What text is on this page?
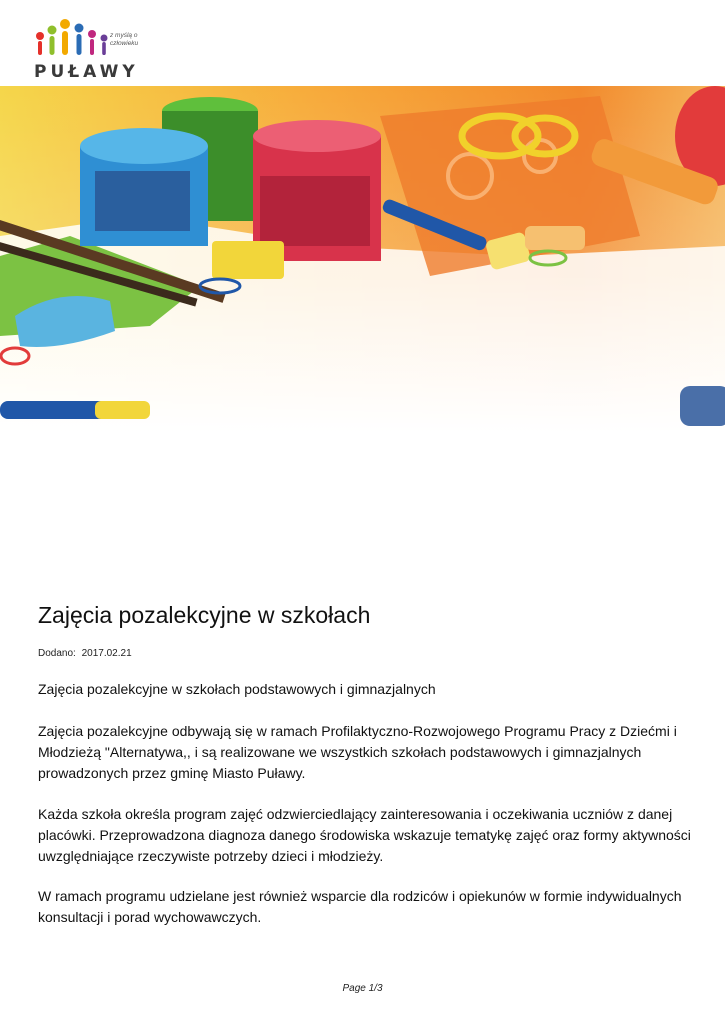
z myślą o człowieku
PUŁAWY
Zajęcia pozalekcyjne w szkołach
Dodano: 2017.02.21

Zajęcia pozalekcyjne w szkołach podstawowych i gimnazjalnych

Zajęcia pozalekcyjne odbywają się w ramach Profilaktyczno-Rozwojowego Programu Pracy z Dziećmi i Młodzieżą "Alternatywa,, i są realizowane we wszystkich szkołach podstawowych i gimnazjalnych prowadzonych przez gminę Miasto Puławy.

Każda szkoła określa program zajęć odzwierciedlający zainteresowania i oczekiwania uczniów z danej placówki. Przeprowadzona diagnoza danego środowiska wskazuje tematykę zajęć oraz formy aktywności uwzględniające rzeczywiste potrzeby dzieci i młodzieży.

W ramach programu udzielane jest również wsparcie dla rodziców i opiekunów w formie indywidualnych konsultacji i porad wychowawczych.

Page 1/3
